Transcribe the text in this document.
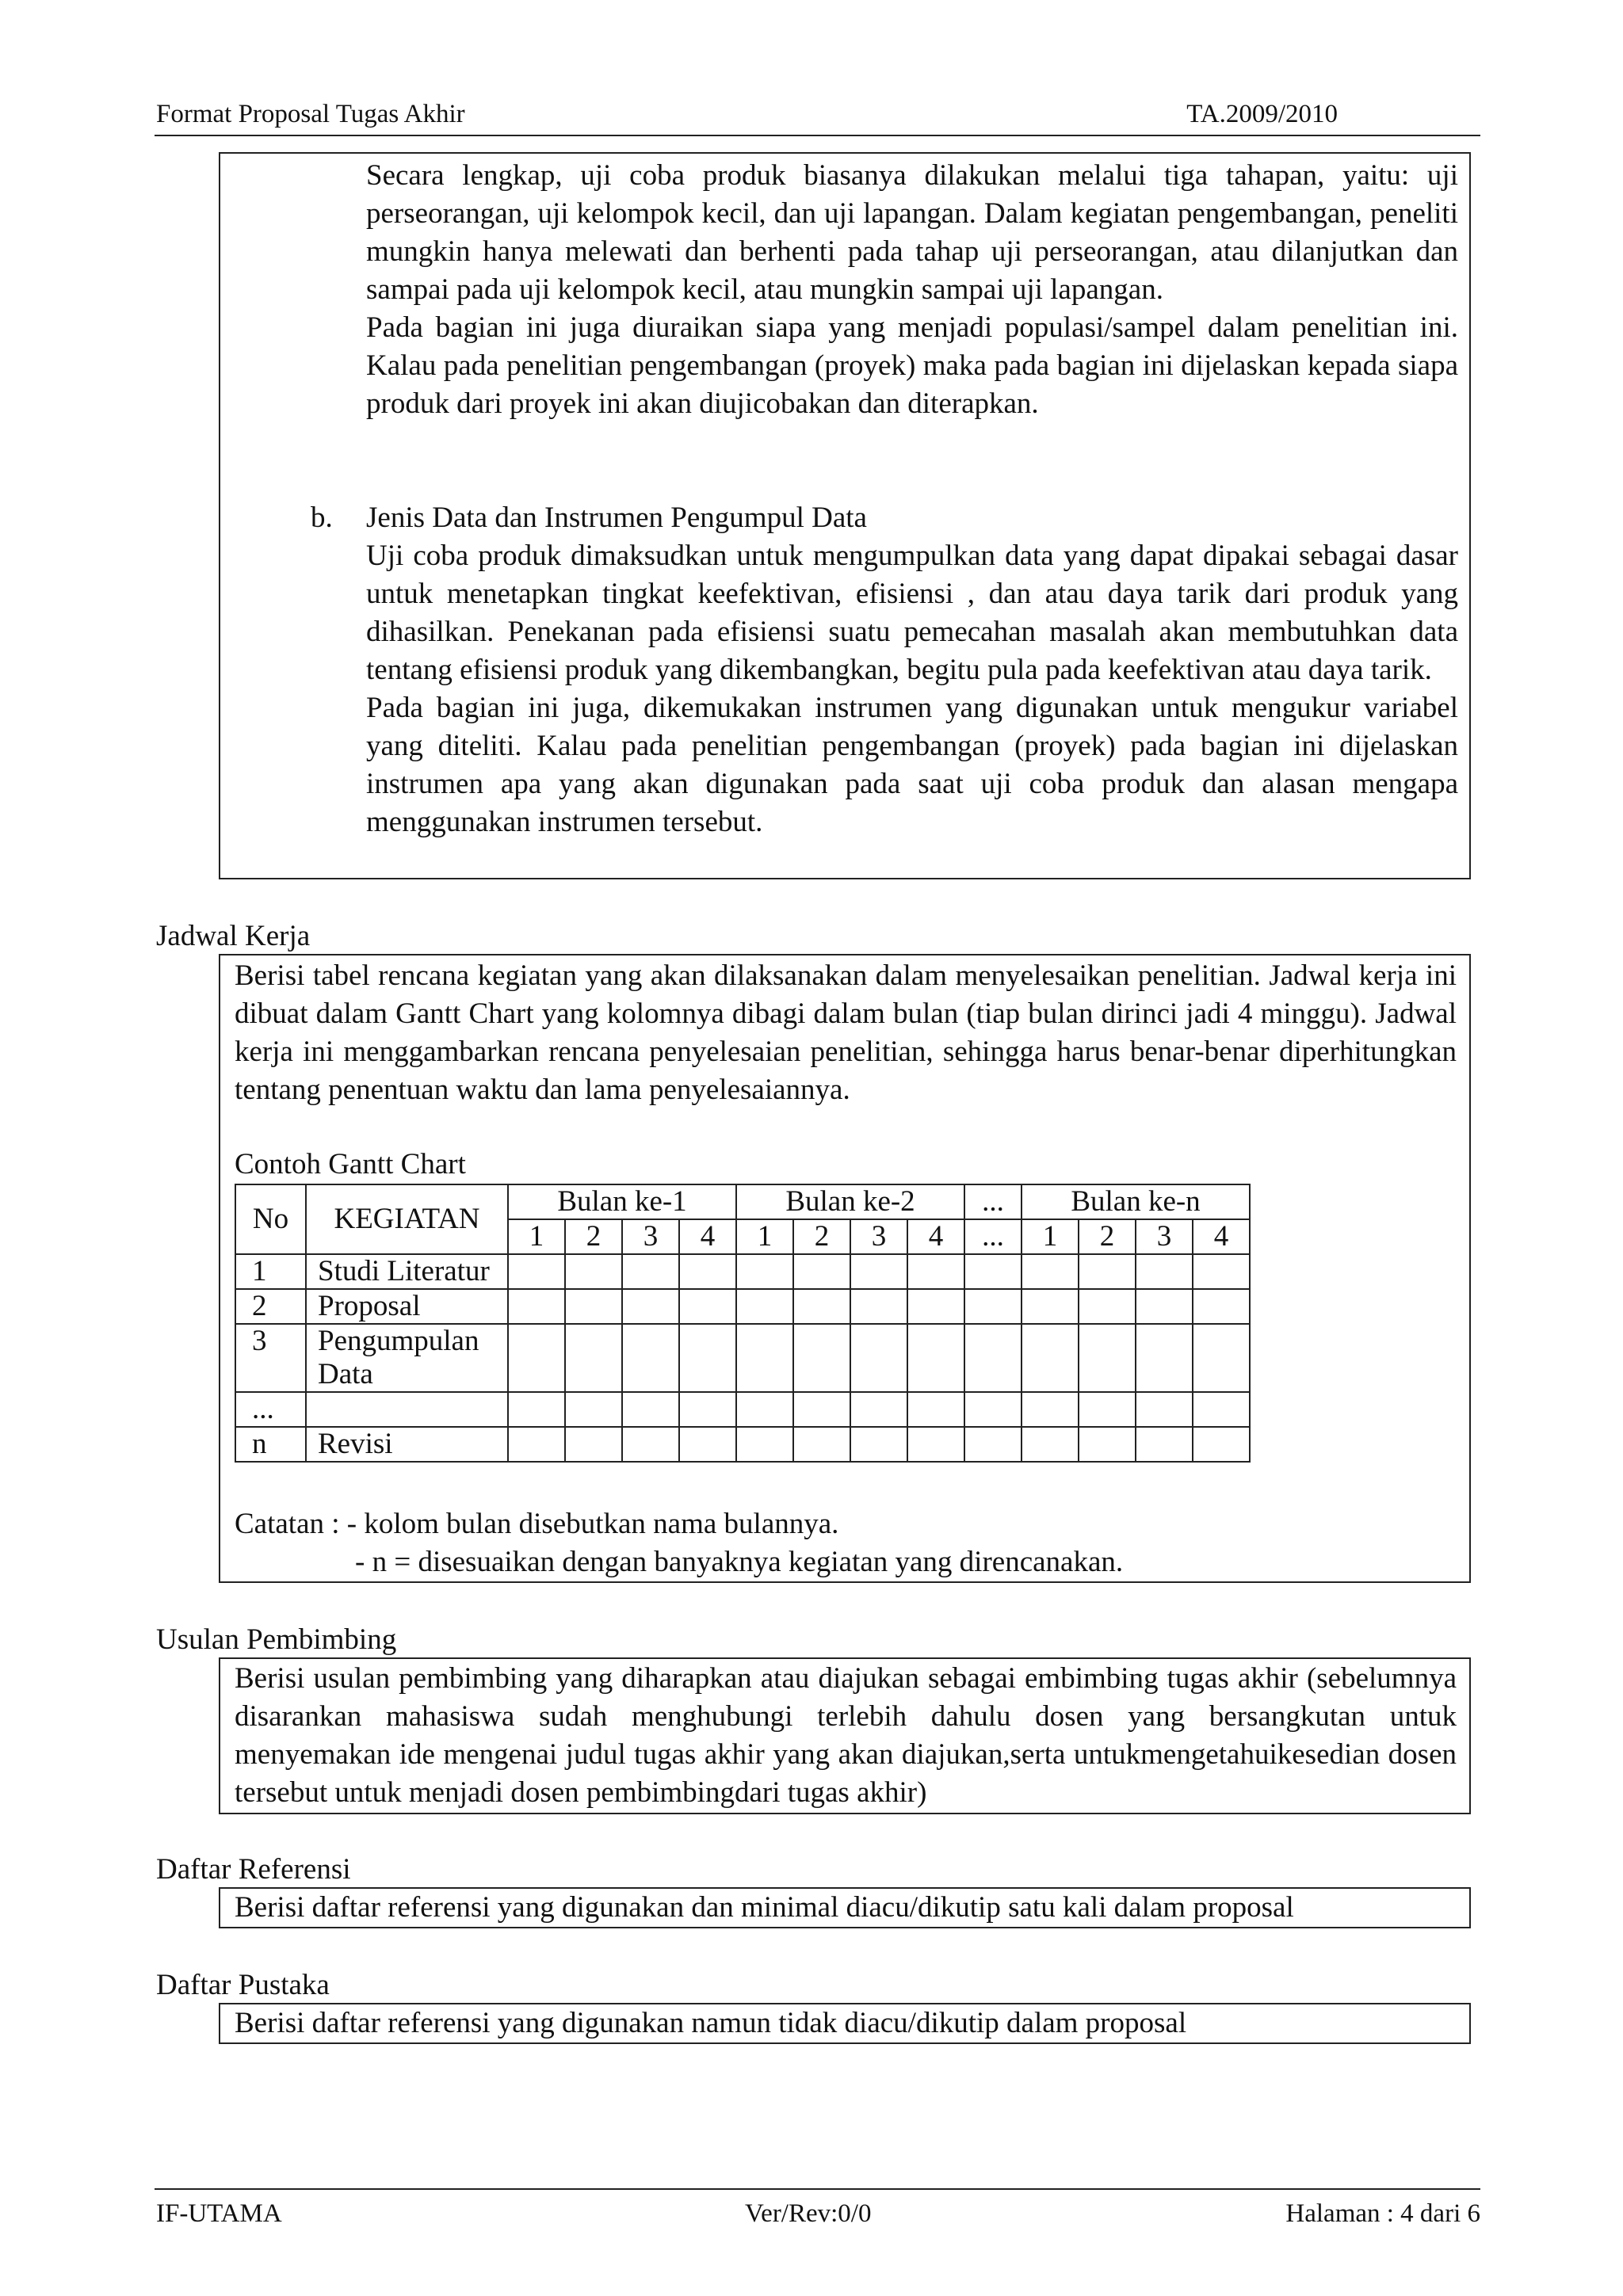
Format Proposal Tugas Akhir	TA.2009/2010

Secara lengkap, uji coba produk biasanya dilakukan melalui tiga tahapan, yaitu: uji perseorangan, uji kelompok kecil, dan uji lapangan. Dalam kegiatan pengembangan, peneliti mungkin hanya melewati dan berhenti pada tahap uji perseorangan, atau dilanjutkan dan sampai pada uji kelompok kecil, atau mungkin sampai uji lapangan.

Pada bagian ini juga diuraikan siapa yang menjadi populasi/sampel dalam penelitian ini. Kalau pada penelitian pengembangan (proyek) maka pada bagian ini dijelaskan kepada siapa produk dari proyek ini akan diujicobakan dan diterapkan.

b. Jenis Data dan Instrumen Pengumpul Data

Uji coba produk dimaksudkan untuk mengumpulkan data yang dapat dipakai sebagai dasar untuk menetapkan tingkat keefektivan, efisiensi , dan atau daya tarik dari produk yang dihasilkan. Penekanan pada efisiensi suatu pemecahan masalah akan membutuhkan data tentang efisiensi produk yang dikembangkan, begitu pula pada keefektivan atau daya tarik.

Pada bagian ini juga, dikemukakan instrumen yang digunakan untuk mengukur variabel yang diteliti. Kalau pada penelitian pengembangan (proyek) pada bagian ini dijelaskan instrumen apa yang akan digunakan pada saat uji coba produk dan alasan mengapa menggunakan instrumen tersebut.

Jadwal Kerja

Berisi tabel rencana kegiatan yang akan dilaksanakan dalam menyelesaikan penelitian. Jadwal kerja ini dibuat dalam Gantt Chart yang kolomnya dibagi dalam bulan (tiap bulan dirinci jadi 4 minggu). Jadwal kerja ini menggambarkan rencana penyelesaian penelitian, sehingga harus benar-benar diperhitungkan tentang penentuan waktu dan lama penyelesaiannya.

Contoh Gantt Chart
No	KEGIATAN	Bulan ke-1				Bulan ke-2				...	Bulan ke-n			
		1	2	3	4	1	2	3	4	...	1	2	3	4
1	Studi Literatur													
2	Proposal													
3	Pengumpulan Data													
...														
n	Revisi													
Catatan : - kolom bulan disebutkan nama bulannya.
- n = disesuaikan dengan banyaknya kegiatan yang direncanakan.
Usulan Pembimbing

Berisi usulan pembimbing yang diharapkan atau diajukan sebagai embimbing tugas akhir (sebelumnya disarankan mahasiswa sudah menghubungi terlebih dahulu dosen yang bersangkutan untuk menyemakan ide mengenai judul tugas akhir yang akan diajukan,serta untukmengetahuikesedian dosen tersebut untuk menjadi dosen pembimbingdari tugas akhir)

Daftar Referensi
Berisi daftar referensi yang digunakan dan minimal diacu/dikutip satu kali dalam proposal
Daftar Pustaka
Berisi daftar referensi yang digunakan namun tidak diacu/dikutip dalam proposal
IF-UTAMA	Ver/Rev:0/0	Halaman : 4 dari 6
